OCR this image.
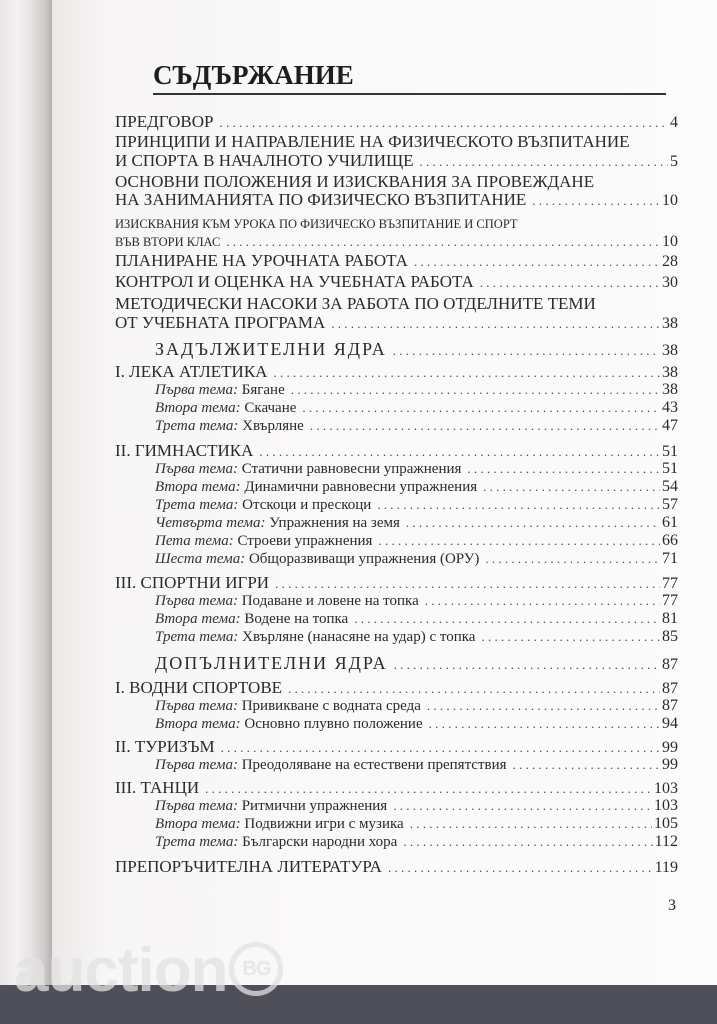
СЪДЪРЖАНИЕ
ПРЕДГОВОР . . .	4
ПРИНЦИПИ И НАПРАВЛЕНИЕ НА ФИЗИЧЕСКОТО ВЪЗПИТАНИЕ
И СПОРТА В НАЧАЛНОТО УЧИЛИЩЕ . . .	5
ОСНОВНИ ПОЛОЖЕНИЯ И ИЗИСКВАНИЯ ЗА ПРОВЕЖДАНЕ
НА ЗАНИМАНИЯТА ПО ФИЗИЧЕСКО ВЪЗПИТАНИЕ . . .	10
ИЗИСКВАНИЯ КЪМ УРОКА ПО ФИЗИЧЕСКО ВЪЗПИТАНИЕ И СПОРТ
ВЪВ ВТОРИ КЛАС . . .	10
ПЛАНИРАНЕ НА УРОЧНАТА РАБОТА . . .	28
КОНТРОЛ И ОЦЕНКА НА УЧЕБНАТА РАБОТА . . .	30
МЕТОДИЧЕСКИ НАСОКИ ЗА РАБОТА ПО ОТДЕЛНИТЕ ТЕМИ
ОТ УЧЕБНАТА ПРОГРАМА . . .	38
ЗАДЪЛЖИТЕЛНИ ЯДРА . . .	38
I. ЛЕКА АТЛЕТИКА . . .	38
Първа тема: Бягане . . .	38
Втора тема: Скачане . . .	43
Трета тема: Хвърляне . . .	47
II. ГИМНАСТИКА . . .	51
Първа тема: Статични равновесни упражнения . . .	51
Втора тема: Динамични равновесни упражнения . . .	54
Трета тема: Отскоци и прескоци . . .	57
Четвърта тема: Упражнения на земя . . .	61
Пета тема: Строеви упражнения . . .	66
Шеста тема: Общоразвиващи упражнения (ОРУ) . . .	71
III. СПОРТНИ ИГРИ . . .	77
Първа тема: Подаване и ловене на топка . . .	77
Втора тема: Водене на топка . . .	81
Трета тема: Хвърляне (нанасяне на удар) с топка . . .	85
ДОПЪЛНИТЕЛНИ ЯДРА . . .	87
I. ВОДНИ СПОРТОВЕ . . .	87
Първа тема: Привикване с водната среда . . .	87
Втора тема: Основно плувно положение . . .	94
II. ТУРИЗЪМ . . .	99
Първа тема: Преодоляване на естествени препятствия . . .	99
III. ТАНЦИ . . .	103
Първа тема: Ритмични упражнения . . .	103
Втора тема: Подвижни игри с музика . . .	105
Трета тема: Български народни хора . . .	112
ПРЕПОРЪЧИТЕЛНА ЛИТЕРАТУРА . . .	119
3
auction BG
